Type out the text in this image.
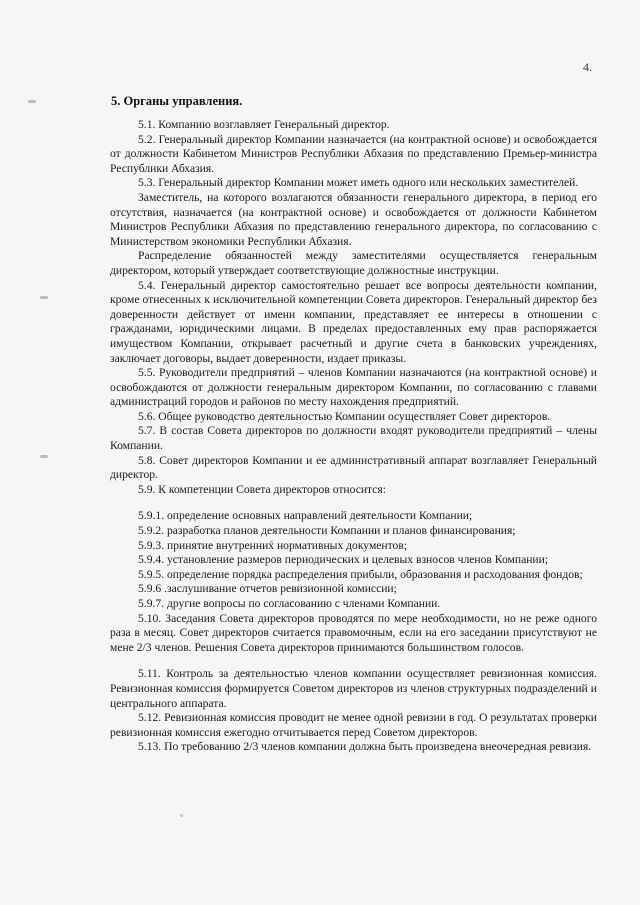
4.
5. Органы управления.

5.1. Компанию возглавляет Генеральный директор.

5.2. Генеральный директор Компании назначается (на контрактной основе) и освобождается от должности Кабинетом Министров Республики Абхазия по представлению Премьер-министра Республики Абхазия.

5.3. Генеральный директор Компании может иметь одного или нескольких заместителей.

Заместитель, на которого возлагаются обязанности генерального директора, в период его отсутствия, назначается (на контрактной основе) и освобождается от должности Кабинетом Министров Республики Абхазия по представлению генерального директора, по согласованию с Министерством экономики Республики Абхазия.

Распределение обязанностей между заместителями осуществляется генеральным директором, который утверждает соответствующие должностные инструкции.

5.4. Генеральный директор самостоятельно решает все вопросы деятельности компании, кроме отнесенных к исключительной компетенции Совета директоров. Генеральный директор без доверенности действует от имени компании, представляет ее интересы в отношении с гражданами, юридическими лицами. В пределах предоставленных ему прав распоряжается имуществом Компании, открывает расчетный и другие счета в банковских учреждениях, заключает договоры, выдает доверенности, издает приказы.

5.5. Руководители предприятий – членов Компании назначаются (на контрактной основе) и освобождаются от должности генеральным директором Компании, по согласованию с главами администраций городов и районов по месту нахождения предприятий.

5.6. Общее руководство деятельностью Компании осуществляет Совет директоров.

5.7. В состав Совета директоров по должности входят руководители предприятий – члены Компании.

5.8. Совет директоров Компании и ее административный аппарат возглавляет Генеральный директор.

5.9. К компетенции Совета директоров относится:

5.9.1. определение основных направлений деятельности Компании;

5.9.2. разработка планов деятельности Компании и планов финансирования;

5.9.3. принятие внутренних нормативных документов;

5.9.4. установление размеров периодических и целевых взносов членов Компании;

5.9.5. определение порядка распределения прибыли, образования и расходования фондов;

5.9.6 .заслушивание отчетов ревизионной комиссии;

5.9.7. другие вопросы по согласованию с членами Компании.

5.10. Заседания Совета директоров проводятся по мере необходимости, но не реже одного раза в месяц. Совет директоров считается правомочным, если на его заседании присутствуют не мене 2/3 членов. Решения Совета директоров принимаются большинством голосов.

5.11. Контроль за деятельностью членов компании осуществляет ревизионная комиссия. Ревизионная комиссия формируется Советом директоров из членов структурных подразделений и центрального аппарата.

5.12. Ревизионная комиссия проводит не менее одной ревизии в год. О результатах проверки ревизионная комиссия ежегодно отчитывается перед Советом директоров.

5.13. По требованию 2/3 членов компании должна быть произведена внеочередная ревизия.
